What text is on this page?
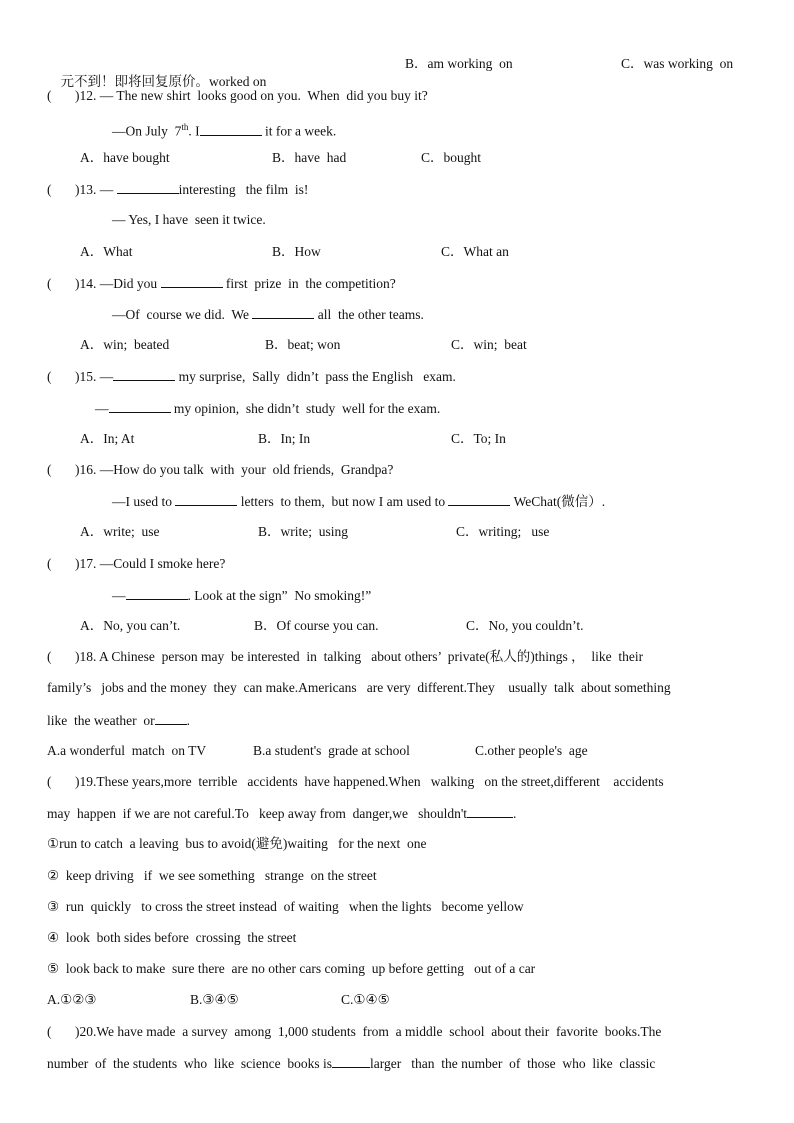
元不到！即将回复原价。worked on

B．am working  on	C．was working  on
( )12. — The new shirt  looks good on you.  When  did you buy it?
—On July  7th. I	it for a week.
A．have bought	B．have  had	C．bought
( )13. —	interesting   the film  is!
— Yes, I have  seen it twice.
A．What	B．How	C．What an
( )14. —Did you	first  prize  in  the competition?
—Of  course we did.  We	all  the other teams.
A．win;  beated	B．beat; won	C．win;  beat
( )15. —	my surprise,  Sally  didn’t  pass the English   exam.
—	my opinion,  she didn’t  study  well for the exam.
A．In; At	B．In; In	C．To; In
( )16. —How do you talk  with  your  old friends,  Grandpa?
—I used to	letters  to them,  but now I am used to	WeChat(微信）.
A．write;  use	B．write;  using	C．writing;   use
( )17. —Could I smoke here?
—	. Look at the sign”  No smoking!”
A．No, you can’t.	B．Of course you can.	C．No, you couldn’t.
( )18. A Chinese  person may  be interested  in  talking   about others’  private(私人的)things ，  like  their
family’s   jobs and the money  they  can make.Americans   are very  different.They    usually  talk  about something
like  the weather  or .
A.a wonderful  match  on TV	B.a student's  grade at school	C.other people's  age
( )19.These years,more  terrible   accidents  have happened.When   walking   on the street,different    accidents
may  happen  if we are not careful.To   keep away from  danger,we   shouldn't	.
①run to catch  a leaving  bus to avoid(避免)waiting   for the next  one
②  keep driving   if  we see something   strange  on the street
③  run  quickly   to cross the street instead  of waiting   when the lights   become yellow
④  look  both sides before  crossing  the street
⑤  look back to make  sure there  are no other cars coming  up before getting   out of a car
A.①②③	B.③④⑤	C.①④⑤
( )20.We have made  a survey  among  1,000 students  from  a middle  school  about their  favorite  books.The
number  of  the students  who  like  science  books is	larger   than  the number  of  those  who  like  classic
